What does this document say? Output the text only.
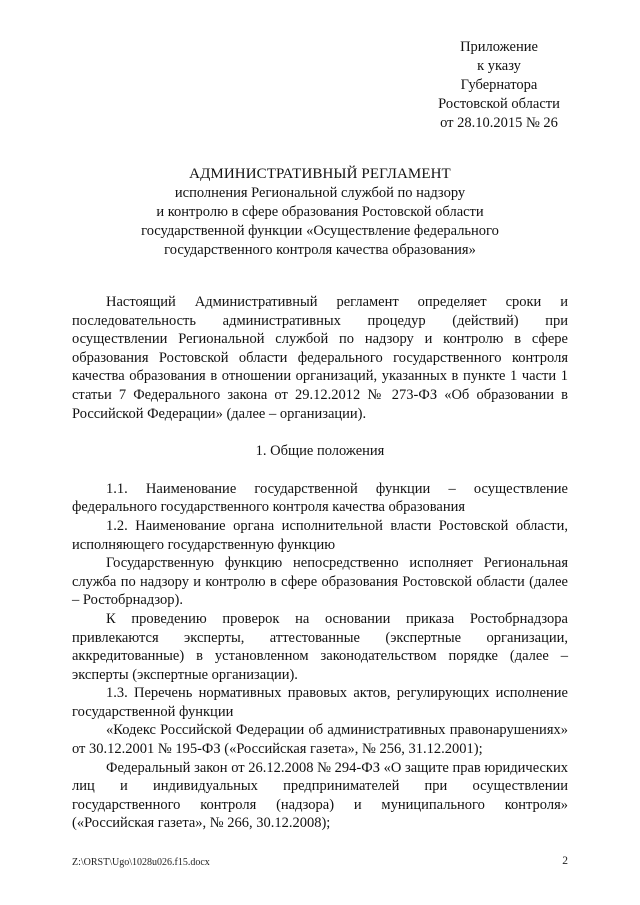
Приложение
к указу
Губернатора
Ростовской области
от 28.10.2015 № 26
АДМИНИСТРАТИВНЫЙ РЕГЛАМЕНТ
исполнения Региональной службой по надзору
и контролю в сфере образования Ростовской области
государственной функции «Осуществление федерального
государственного контроля качества образования»

Настоящий Административный регламент определяет сроки и последовательность административных процедур (действий) при осуществлении Региональной службой по надзору и контролю в сфере образования Ростовской области федерального государственного контроля качества образования в отношении организаций, указанных в пункте 1 части 1 статьи 7 Федерального закона от 29.12.2012 № 273-ФЗ «Об образовании в Российской Федерации» (далее – организации).

1. Общие положения

1.1. Наименование государственной функции – осуществление федерального государственного контроля качества образования

1.2. Наименование органа исполнительной власти Ростовской области, исполняющего государственную функцию

Государственную функцию непосредственно исполняет Региональная служба по надзору и контролю в сфере образования Ростовской области (далее – Ростобрнадзор).

К проведению проверок на основании приказа Ростобрнадзора привлекаются эксперты, аттестованные (экспертные организации, аккредитованные) в установленном законодательством порядке (далее – эксперты (экспертные организации).

1.3. Перечень нормативных правовых актов, регулирующих исполнение государственной функции

«Кодекс Российской Федерации об административных правонарушениях» от 30.12.2001 № 195-ФЗ («Российская газета», № 256, 31.12.2001);

Федеральный закон от 26.12.2008 № 294-ФЗ «О защите прав юридических лиц и индивидуальных предпринимателей при осуществлении государственного контроля (надзора) и муниципального контроля» («Российская газета», № 266, 30.12.2008);

Z:\ORST\Ugo\1028u026.f15.docx	2
